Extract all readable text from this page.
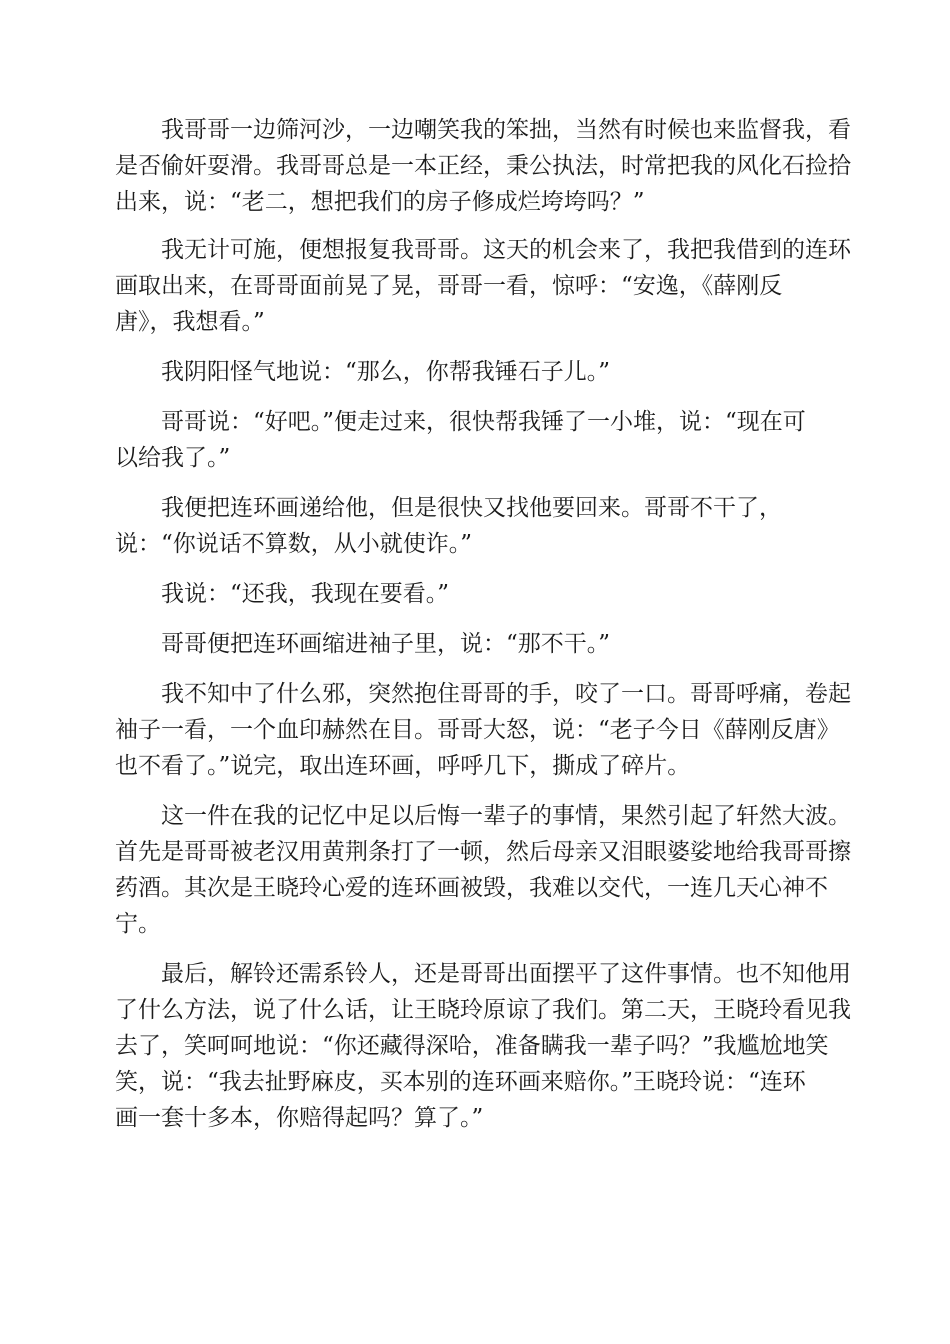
我哥哥一边筛河沙，一边嘲笑我的笨拙，当然有时候也来监督我，看
是否偷奸耍滑。我哥哥总是一本正经，秉公执法，时常把我的风化石捡拾
出来，说：“老二，想把我们的房子修成烂垮垮吗？”

我无计可施，便想报复我哥哥。这天的机会来了，我把我借到的连环
画取出来，在哥哥面前晃了晃，哥哥一看，惊呼：“安逸，《薛刚反
唐》，我想看。”

我阴阳怪气地说：“那么，你帮我锤石子儿。”

哥哥说：“好吧。”便走过来，很快帮我锤了一小堆，说：“现在可
以给我了。”

我便把连环画递给他，但是很快又找他要回来。哥哥不干了，
说：“你说话不算数，从小就使诈。”

我说：“还我，我现在要看。”

哥哥便把连环画缩进袖子里，说：“那不干。”

我不知中了什么邪，突然抱住哥哥的手，咬了一口。哥哥呼痛，卷起
袖子一看，一个血印赫然在目。哥哥大怒，说：“老子今日《薛刚反唐》
也不看了。”说完，取出连环画，呼呼几下，撕成了碎片。

这一件在我的记忆中足以后悔一辈子的事情，果然引起了轩然大波。
首先是哥哥被老汉用黄荆条打了一顿，然后母亲又泪眼婆娑地给我哥哥擦
药酒。其次是王晓玲心爱的连环画被毁，我难以交代，一连几天心神不
宁。

最后，解铃还需系铃人，还是哥哥出面摆平了这件事情。也不知他用
了什么方法，说了什么话，让王晓玲原谅了我们。第二天，王晓玲看见我
去了，笑呵呵地说：“你还藏得深哈，准备瞒我一辈子吗？”我尴尬地笑
笑，说：“我去扯野麻皮，买本别的连环画来赔你。”王晓玲说：“连环
画一套十多本，你赔得起吗？算了。”
